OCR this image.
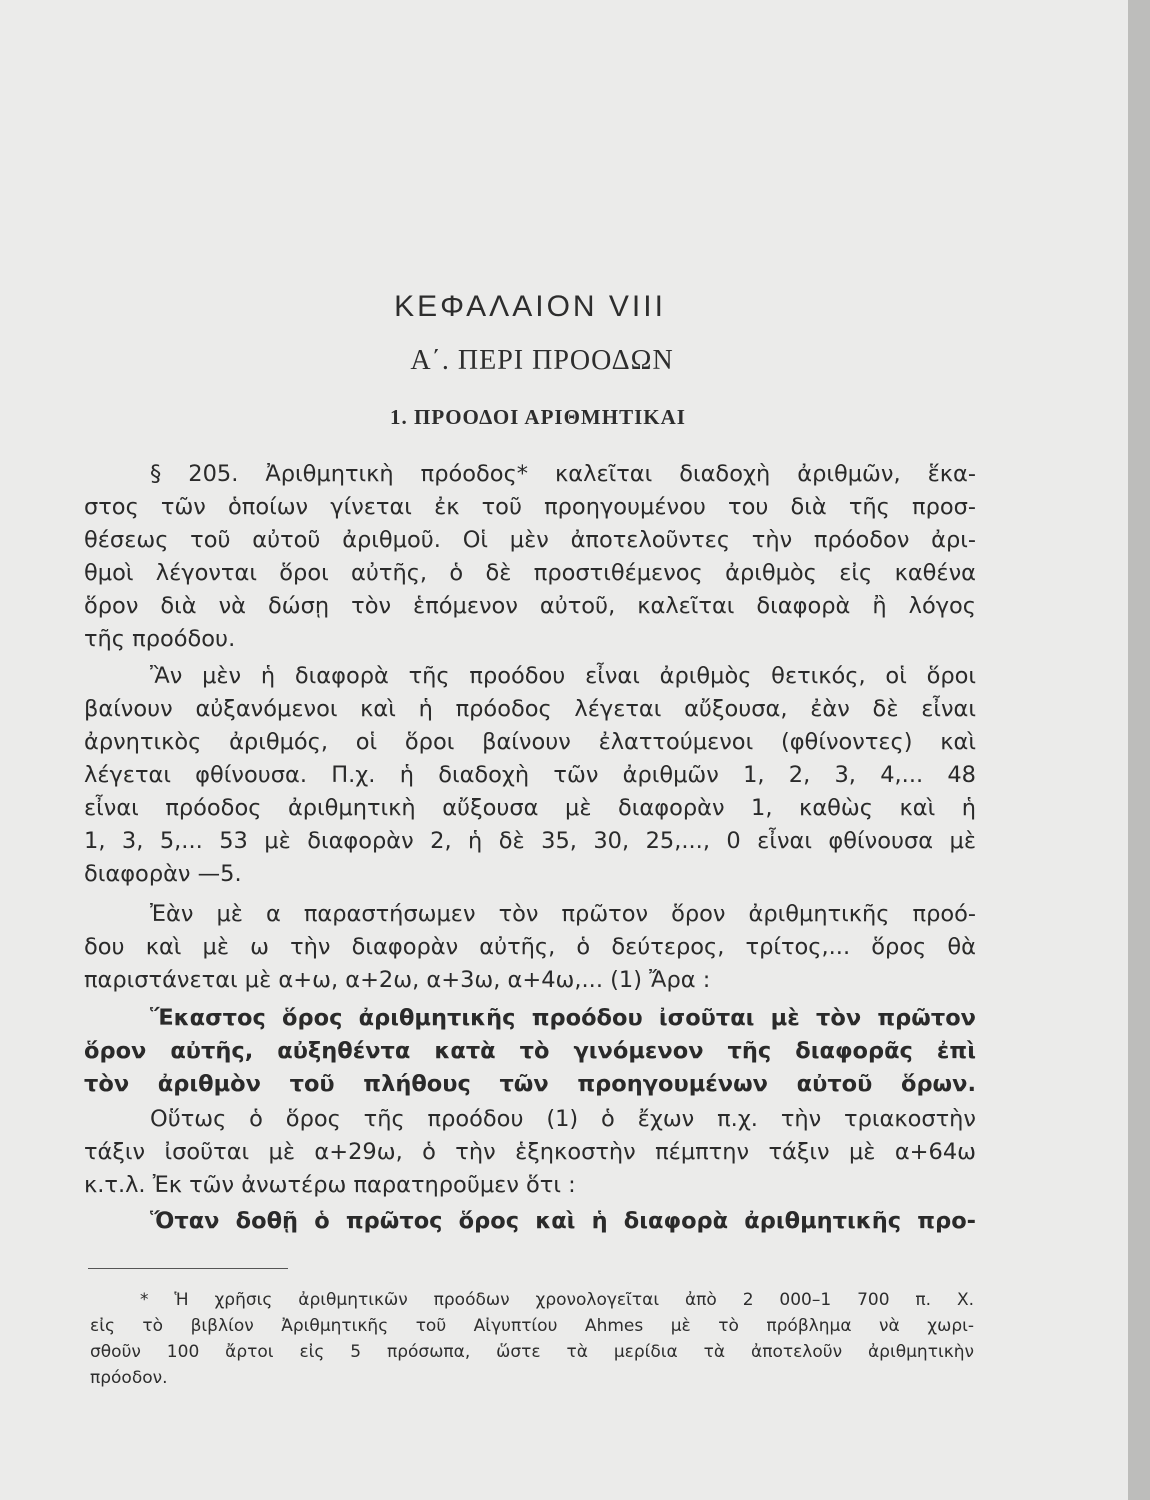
ΚΕΦΑΛΑΙΟΝ VIII
Α΄. ΠΕΡΙ ΠΡΟΟΔΩΝ
1. ΠΡΟΟΔΟΙ ΑΡΙΘΜΗΤΙΚΑΙ
§ 205. Ἀριθμητικὴ πρόοδος* καλεῖται διαδοχὴ ἀριθμῶν, ἕκα-
στος τῶν ὁποίων γίνεται ἐκ τοῦ προηγουμένου του διὰ τῆς προσ-
θέσεως τοῦ αὐτοῦ ἀριθμοῦ. Οἱ μὲν ἀποτελοῦντες τὴν πρόοδον ἀρι-
θμοὶ λέγονται ὅροι αὐτῆς, ὁ δὲ προστιθέμενος ἀριθμὸς εἰς καθένα
ὅρον διὰ νὰ δώσῃ τὸν ἑπόμενον αὐτοῦ, καλεῖται διαφορὰ ἢ λόγος
τῆς προόδου.
Ἂν μὲν ἡ διαφορὰ τῆς προόδου εἶναι ἀριθμὸς θετικός, οἱ ὅροι
βαίνουν αὐξανόμενοι καὶ ἡ πρόοδος λέγεται αὔξουσα, ἐὰν δὲ εἶναι
ἀρνητικὸς ἀριθμός, οἱ ὅροι βαίνουν ἐλαττούμενοι (φθίνοντες) καὶ
λέγεται φθίνουσα. Π.χ. ἡ διαδοχὴ τῶν ἀριθμῶν 1, 2, 3, 4,... 48
εἶναι πρόοδος ἀριθμητικὴ αὔξουσα μὲ διαφορὰν 1, καθὼς καὶ ἡ
1, 3, 5,... 53 μὲ διαφορὰν 2, ἡ δὲ 35, 30, 25,..., 0 εἶναι φθίνουσα μὲ
διαφορὰν —5.
Ἐὰν μὲ α παραστήσωμεν τὸν πρῶτον ὅρον ἀριθμητικῆς προό-
δου καὶ μὲ ω τὴν διαφορὰν αὐτῆς, ὁ δεύτερος, τρίτος,... ὅρος θὰ
παριστάνεται μὲ α+ω, α+2ω, α+3ω, α+4ω,... (1) Ἄρα :
Ἕκαστος ὅρος ἀριθμητικῆς προόδου ἰσοῦται μὲ τὸν πρῶτον
ὅρον αὐτῆς, αὐξηθέντα κατὰ τὸ γινόμενον τῆς διαφορᾶς ἐπὶ
τὸν ἀριθμὸν τοῦ πλήθους τῶν προηγουμένων αὐτοῦ ὅρων.
Οὕτως ὁ ὅρος τῆς προόδου (1) ὁ ἔχων π.χ. τὴν τριακοστὴν
τάξιν ἰσοῦται μὲ α+29ω, ὁ τὴν ἑξηκοστὴν πέμπτην τάξιν μὲ α+64ω
κ.τ.λ. Ἐκ τῶν ἀνωτέρω παρατηροῦμεν ὅτι :
Ὅταν δοθῇ ὁ πρῶτος ὅρος καὶ ἡ διαφορὰ ἀριθμητικῆς προ-
* Ἡ χρῆσις ἀριθμητικῶν προόδων χρονολογεῖται ἀπὸ 2 000–1 700 π. Χ.
εἰς τὸ βιβλίον Ἀριθμητικῆς τοῦ Αἰγυπτίου Ahmes μὲ τὸ πρόβλημα νὰ χωρι-
σθοῦν 100 ἄρτοι εἰς 5 πρόσωπα, ὥστε τὰ μερίδια τὰ ἀποτελοῦν ἀριθμητικὴν
πρόοδον.
